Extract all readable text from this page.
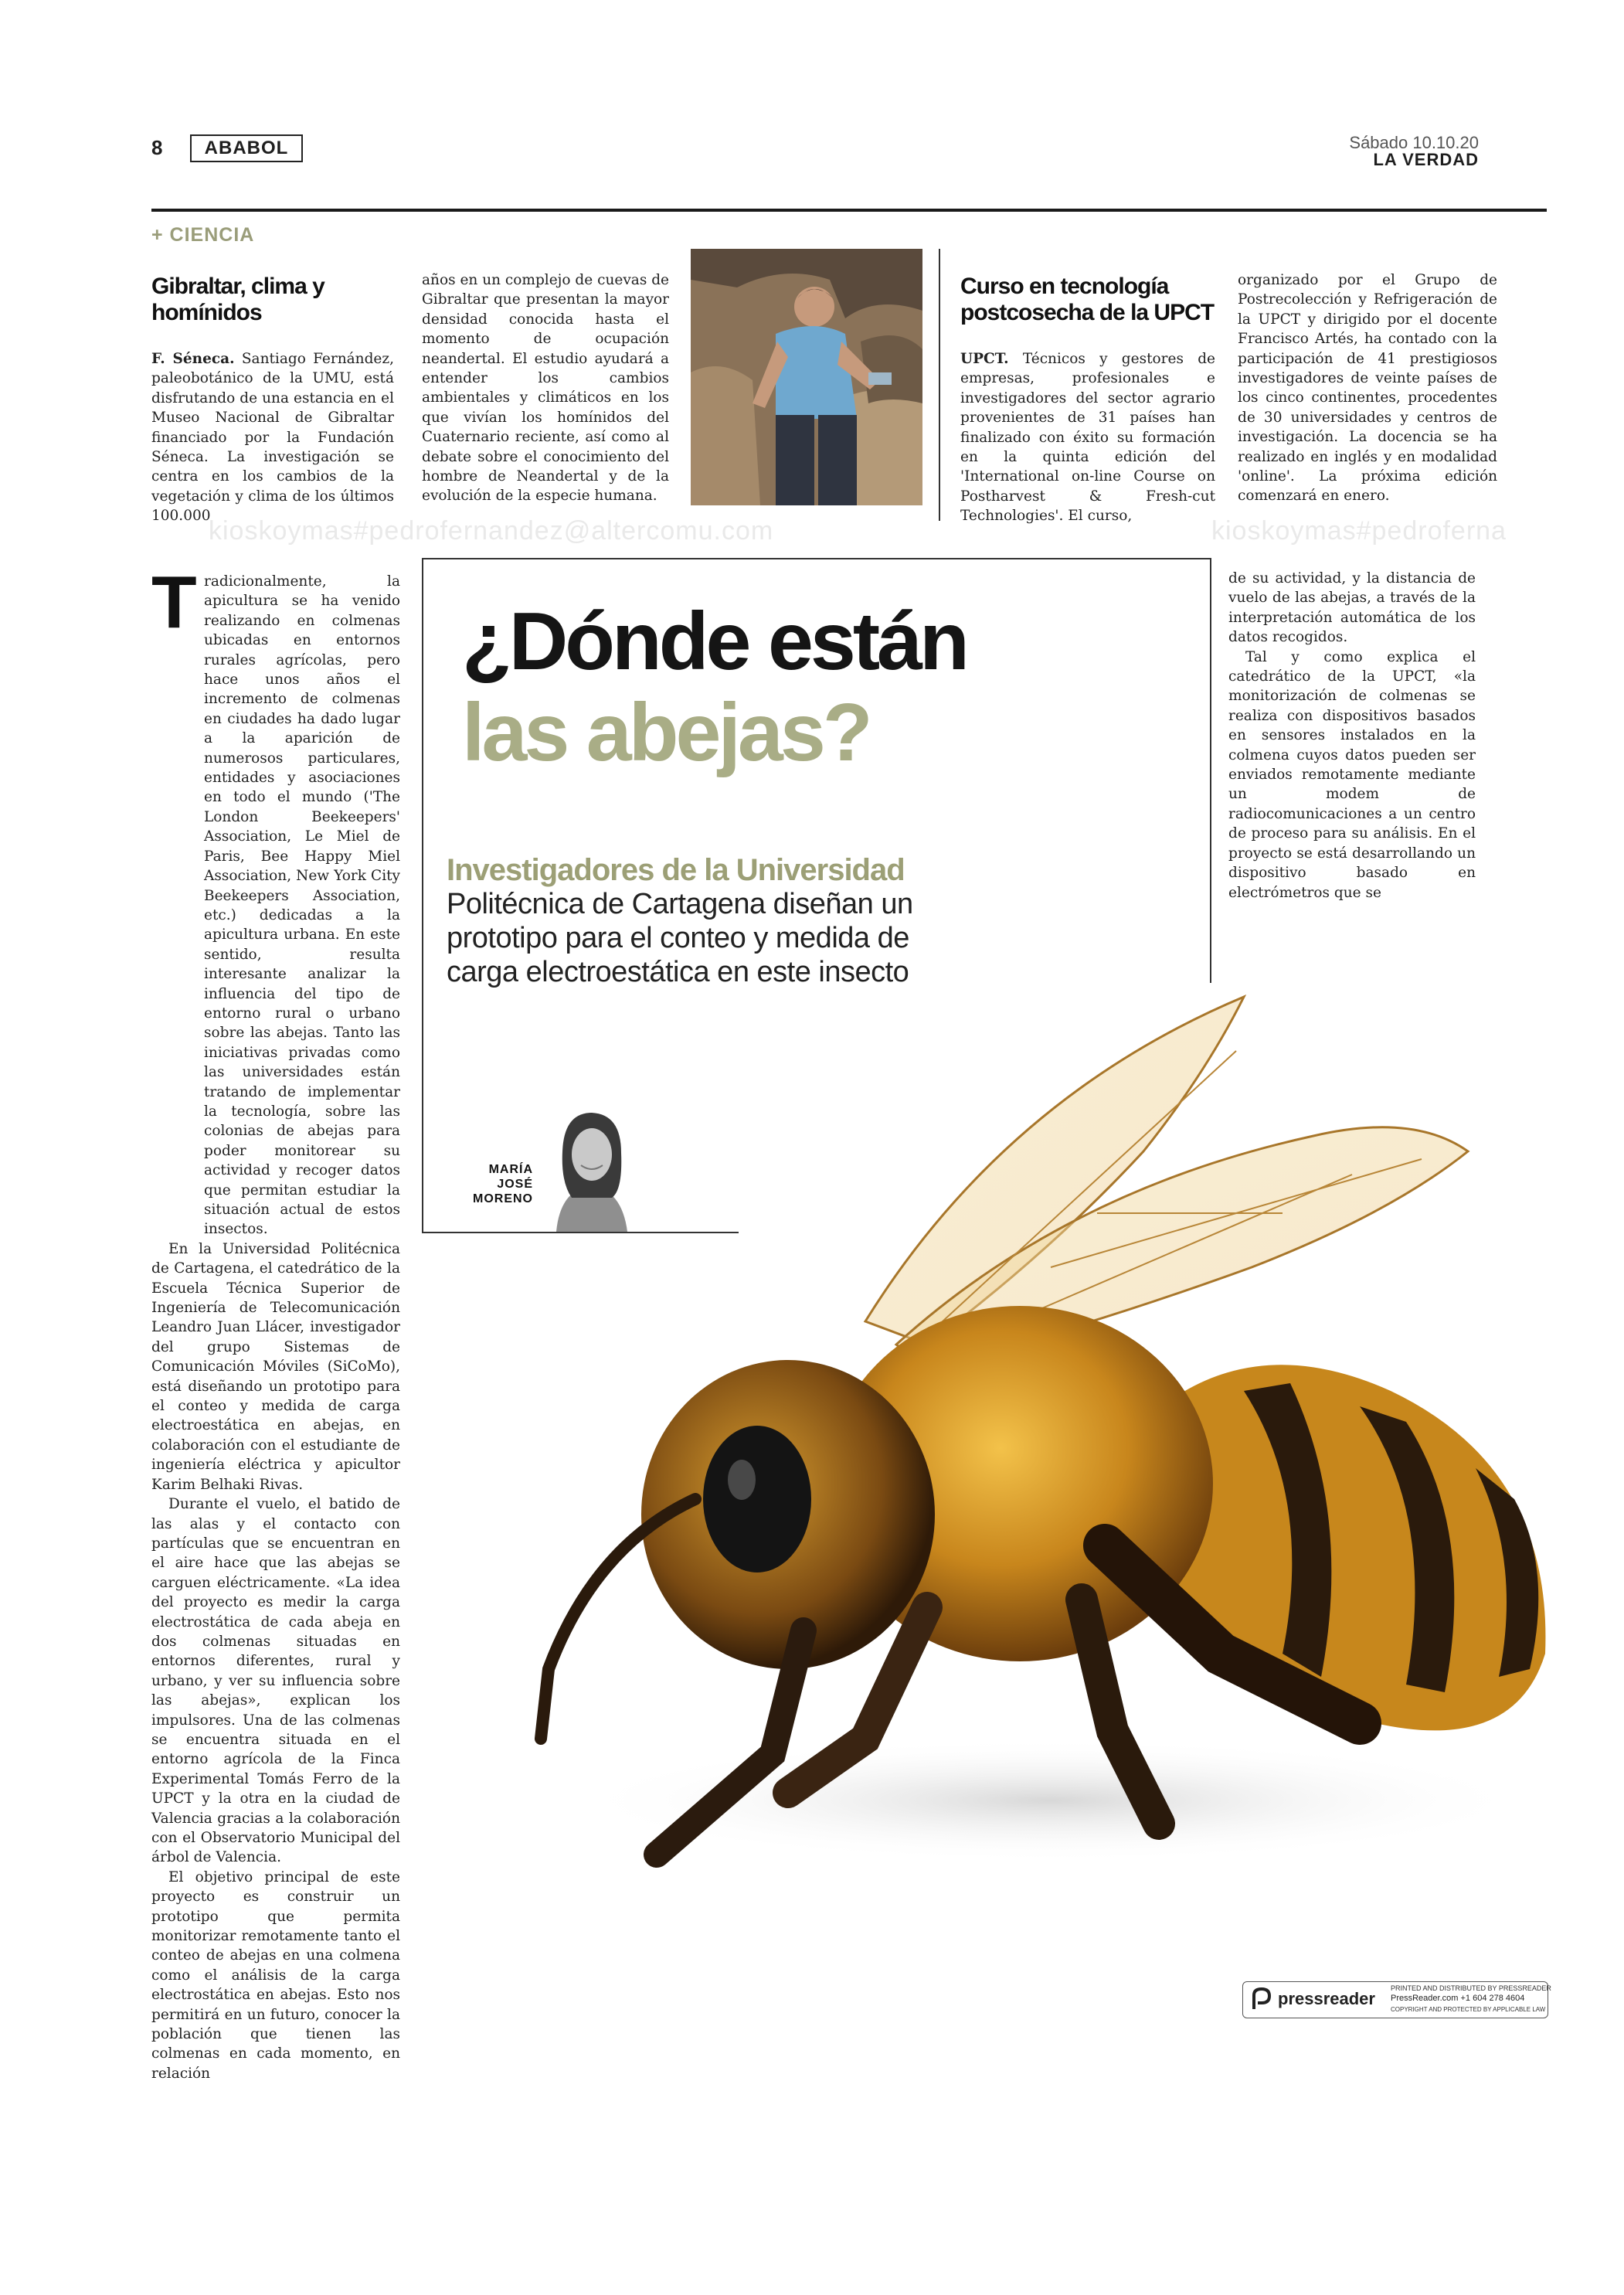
8	ABABOL	Sábado 10.10.20
LA VERDAD
+ CIENCIA
Gibraltar, clima y homínidos
F. Séneca. Santiago Fernández, paleobotánico de la UMU, está disfrutando de una estancia en el Museo Nacional de Gibraltar financiado por la Fundación Séneca. La investigación se centra en los cambios de la vegetación y clima de los últimos 100.000
años en un complejo de cuevas de Gibraltar que presentan la mayor densidad conocida hasta el momento de ocupación neandertal. El estudio ayudará a entender los cambios ambientales y climáticos en los que vivían los homínidos del Cuaternario reciente, así como al debate sobre el conocimiento del hombre de Neandertal y de la evolución de la especie humana.
Curso en tecnología postcosecha de la UPCT
UPCT. Técnicos y gestores de empresas, profesionales e investigadores del sector agrario provenientes de 31 países han finalizado con éxito su formación en la quinta edición del 'International on-line Course on Postharvest & Fresh-cut Technologies'. El curso,
organizado por el Grupo de Postrecolección y Refrigeración de la UPCT y dirigido por el docente Francisco Artés, ha contado con la participación de 41 prestigiosos investigadores de veinte países de los cinco continentes, procedentes de 30 universidades y centros de investigación. La docencia se ha realizado en inglés y en modalidad 'online'. La próxima edición comenzará en enero.
kioskoymas#pedrofernandez@altercomu.com	kioskoymas#pedroferna
T radicionalmente, la apicultura se ha venido realizando en colmenas ubicadas en entornos rurales agrícolas, pero hace unos años el incremento de colmenas en ciudades ha dado lugar a la aparición de numerosos particulares, entidades y asociaciones en todo el mundo ('The London Beekeepers' Association, Le Miel de Paris, Bee Happy Miel Association, New York City Beekeepers Association, etc.) dedicadas a la apicultura urbana. En este sentido, resulta interesante analizar la influencia del tipo de entorno rural o urbano sobre las abejas. Tanto las iniciativas privadas como las universidades están tratando de implementar la tecnología, sobre las colonias de abejas para poder monitorear su actividad y recoger datos que permitan estudiar la situación actual de estos insectos.

En la Universidad Politécnica de Cartagena, el catedrático de la Escuela Técnica Superior de Ingeniería de Telecomunicación Leandro Juan Llácer, investigador del grupo Sistemas de Comunicación Móviles (SiCoMo), está diseñando un prototipo para el conteo y medida de carga electroestática en abejas, en colaboración con el estudiante de ingeniería eléctrica y apicultor Karim Belhaki Rivas.

Durante el vuelo, el batido de las alas y el contacto con partículas que se encuentran en el aire hace que las abejas se carguen eléctricamente. «La idea del proyecto es medir la carga electrostática de cada abeja en dos colmenas situadas en entornos diferentes, rural y urbano, y ver su influencia sobre las abejas», explican los impulsores. Una de las colmenas se encuentra situada en el entorno agrícola de la Finca Experimental Tomás Ferro de la UPCT y la otra en la ciudad de Valencia gracias a la colaboración con el Observatorio Municipal del árbol de Valencia.

El objetivo principal de este proyecto es construir un prototipo que permita monitorizar remotamente tanto el conteo de abejas en una colmena como el análisis de la carga electrostática en abejas. Esto nos permitirá en un futuro, conocer la población que tienen las colmenas en cada momento, en relación

¿Dónde están
las abejas?
Investigadores de la Universidad
Politécnica de Cartagena diseñan un prototipo para el conteo y medida de carga electroestática en este insecto
MARÍA JOSÉ MORENO

de su actividad, y la distancia de vuelo de las abejas, a través de la interpretación automática de los datos recogidos.

Tal y como explica el catedrático de la UPCT, «la monitorización de colmenas se realiza con dispositivos basados en sensores instalados en la colmena cuyos datos pueden ser enviados remotamente mediante un modem de radiocomunicaciones a un centro de proceso para su análisis. En el proyecto se está desarrollando un dispositivo basado en electrómetros que se

pressreader
PRINTED AND DISTRIBUTED BY PRESSREADER
PressReader.com +1 604 278 4604
COPYRIGHT AND PROTECTED BY APPLICABLE LAW
